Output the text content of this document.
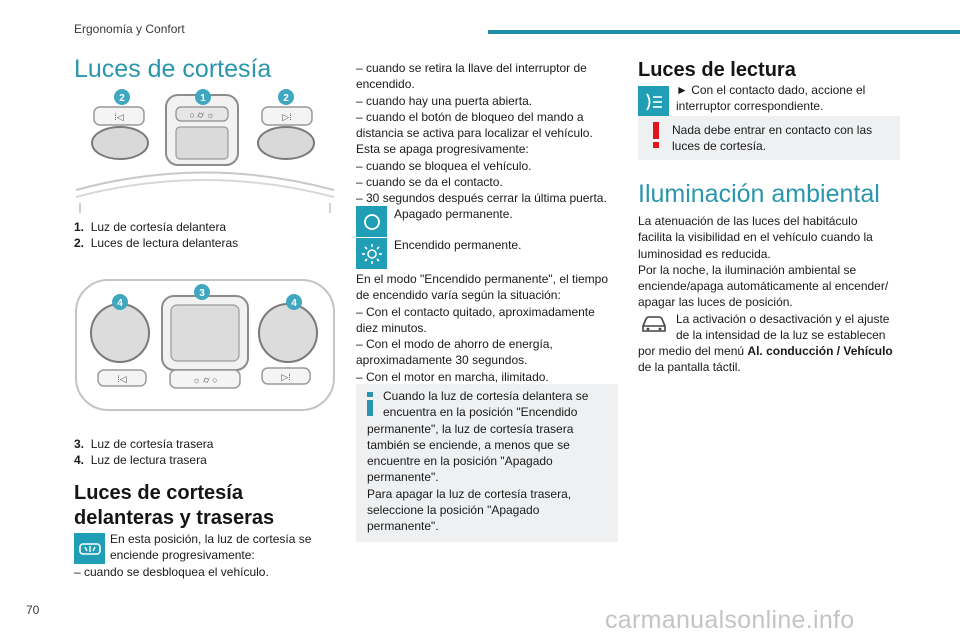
Ergonomía y Confort
Luces de cortesía
⁞◁	○ ⌭ ☼	▷⁞
2	1	2

1. Luz de cortesía delantera

2. Luces de lectura delanteras

⁞◁	☼ ⌭ ○	▷⁞
4
3
4

3. Luz de cortesía trasera

4. Luz de lectura trasera

Luces de cortesía delanteras y traseras

En esta posición, la luz de cortesía se

enciende progresivamente:

– cuando se desbloquea el vehículo.

– cuando se retira la llave del interruptor de

encendido.

– cuando hay una puerta abierta.

– cuando el botón de bloqueo del mando a

distancia se activa para localizar el vehículo.

Esta se apaga progresivamente:

– cuando se bloquea el vehículo.

– cuando se da el contacto.

– 30 segundos después cerrar la última puerta.

Apagado permanente.
Encendido permanente.

En el modo "Encendido permanente", el tiempo

de encendido varía según la situación:

– Con el contacto quitado, aproximadamente

diez minutos.

– Con el modo de ahorro de energía,

aproximadamente 30 segundos.

– Con el motor en marcha, ilimitado.

Cuando la luz de cortesía delantera se

encuentra en la posición "Encendido

permanente", la luz de cortesía trasera

también se enciende, a menos que se

encuentre en la posición "Apagado

permanente".

Para apagar la luz de cortesía trasera,

seleccione la posición "Apagado

permanente".

Luces de lectura

► Con el contacto dado, accione el

interruptor correspondiente.

Nada debe entrar en contacto con las

luces de cortesía.

Iluminación ambiental

La atenuación de las luces del habitáculo

facilita la visibilidad en el vehículo cuando la

luminosidad es reducida.

Por la noche, la iluminación ambiental se

enciende/apaga automáticamente al encender/

apagar las luces de posición.

La activación o desactivación y el ajuste

de la intensidad de la luz se establecen

por medio del menú Al. conducción / Vehículo

de la pantalla táctil.

70	carmanualsonline.info
